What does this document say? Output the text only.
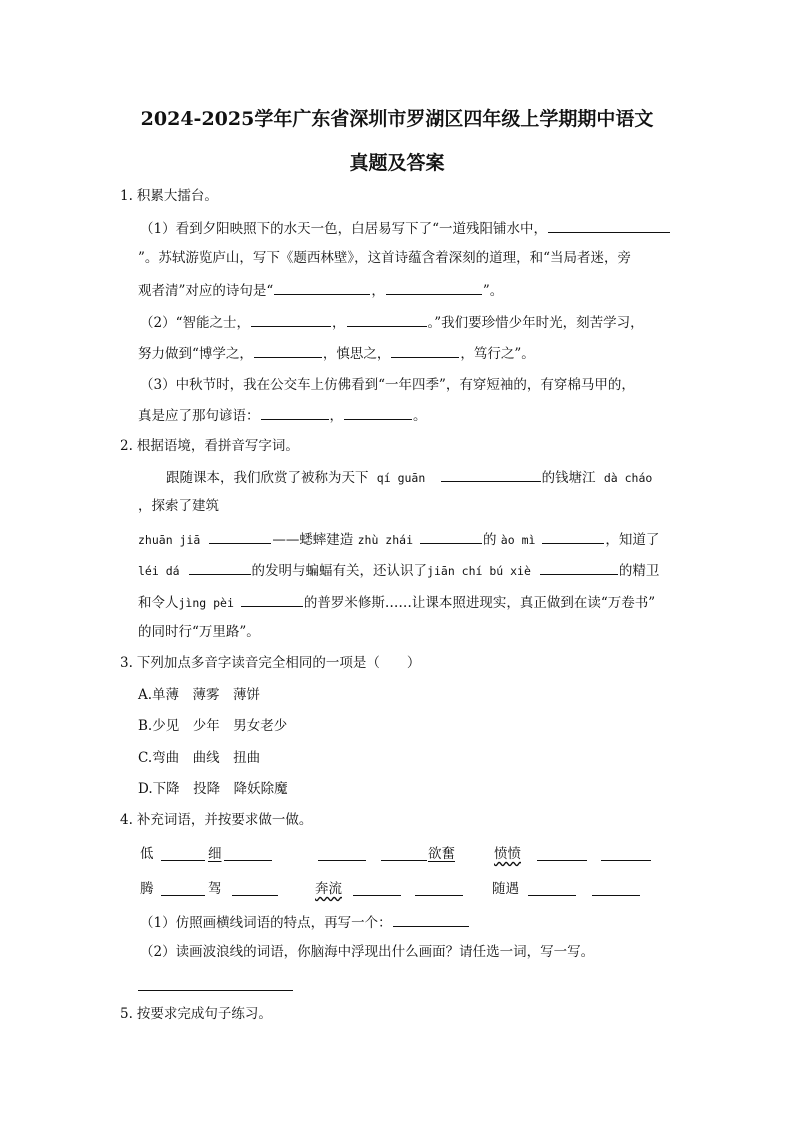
2024-2025学年广东省深圳市罗湖区四年级上学期期中语文
真题及答案
1. 积累大擂台。
（1）看到夕阳映照下的水天一色，白居易写下了“一道残阳铺水中，
”。苏轼游览庐山，写下《题西林壁》，这首诗蕴含着深刻的道理，和“当局者迷，旁
观者清”对应的诗句是“	，	”。
（2）“智能之士，	，	。”我们要珍惜少年时光，刻苦学习，
努力做到“博学之，	，慎思之，	，笃行之”。
（3）中秋节时，我在公交车上仿佛看到“一年四季”，有穿短袖的，有穿棉马甲的，
真是应了那句谚语：	，	。
2. 根据语境，看拼音写字词。
跟随课本，我们欣赏了被称为天下 qí guān	的钱塘江 dà cháo
，探索了建筑
zhuān jiā	——蟋蟀建造 zhù zhái	的 ào mì	，知道了
léi dá	的发明与蝙蝠有关，还认识了jiān chí bú xiè	的精卫
和令人jìng pèi	的普罗米修斯……让课本照进现实，真正做到在读“万卷书”
的同时行“万里路”。
3. 下列加点多音字读音完全相同的一项是（　　）
A.单薄　薄雾　薄饼
B.少见　少年　男女老少
C.弯曲　曲线　扭曲
D.下降　投降　降妖除魔
4. 补充词语，并按要求做一做。
低	细	欲奮	愤愤
腾	驾	奔流	随遇
（1）仿照画横线词语的特点，再写一个：
（2）读画波浪线的词语，你脑海中浮现出什么画面？请任选一词，写一写。
5. 按要求完成句子练习。
